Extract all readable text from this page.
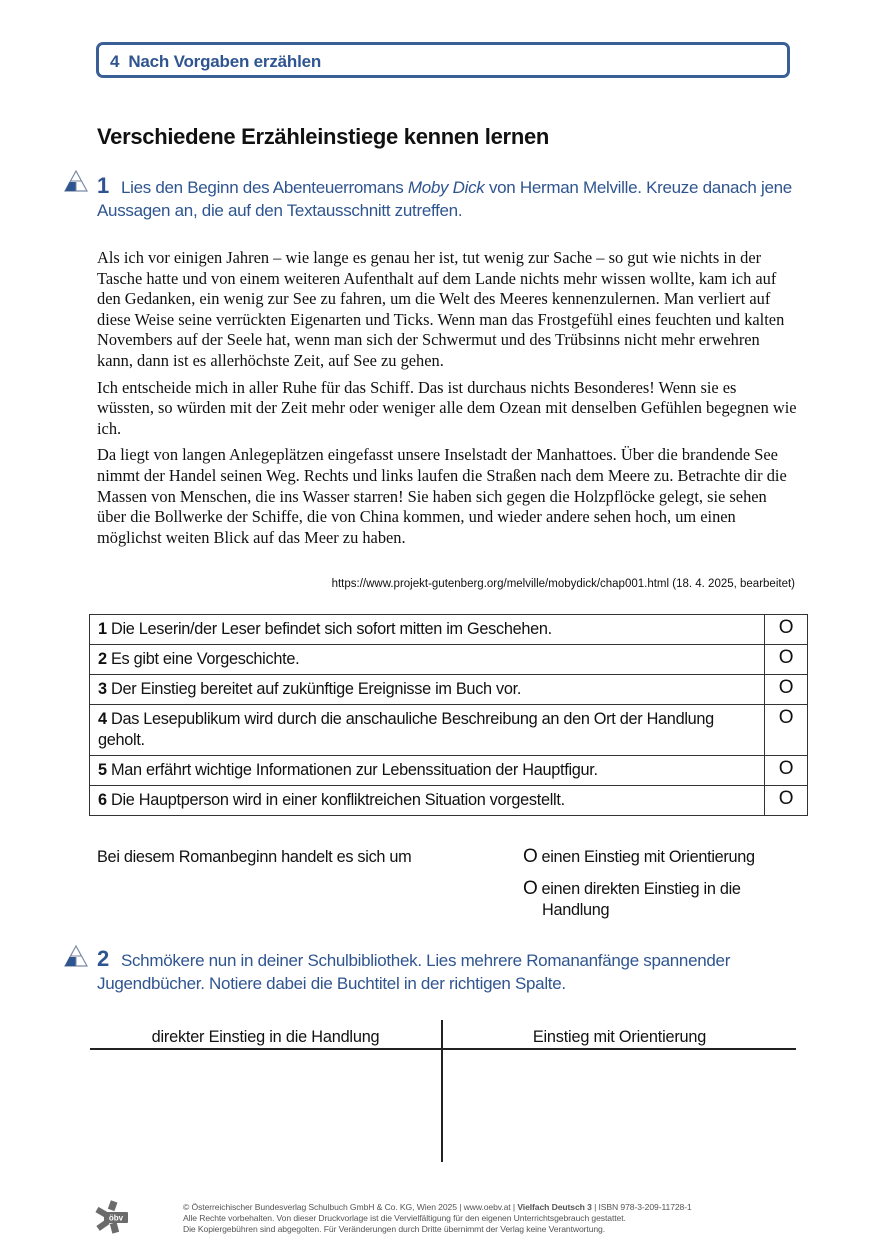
4 Nach Vorgaben erzählen
Verschiedene Erzähleinstiege kennen lernen
1 Lies den Beginn des Abenteuerromans Moby Dick von Herman Melville. Kreuze danach jene Aussagen an, die auf den Textausschnitt zutreffen.

Als ich vor einigen Jahren – wie lange es genau her ist, tut wenig zur Sache – so gut wie nichts in der Tasche hatte und von einem weiteren Aufenthalt auf dem Lande nichts mehr wissen wollte, kam ich auf den Gedanken, ein wenig zur See zu fahren, um die Welt des Meeres kennenzulernen. Man verliert auf diese Weise seine verrückten Eigenarten und Ticks. Wenn man das Frostgefühl eines feuchten und kalten Novembers auf der Seele hat, wenn man sich der Schwermut und des Trübsinns nicht mehr erwehren kann, dann ist es allerhöchste Zeit, auf See zu gehen.

Ich entscheide mich in aller Ruhe für das Schiff. Das ist durchaus nichts Besonderes! Wenn sie es wüssten, so würden mit der Zeit mehr oder weniger alle dem Ozean mit denselben Gefühlen begegnen wie ich.

Da liegt von langen Anlegeplätzen eingefasst unsere Inselstadt der Manhattoes. Über die brandende See nimmt der Handel seinen Weg. Rechts und links laufen die Straßen nach dem Meere zu. Betrachte dir die Massen von Menschen, die ins Wasser starren! Sie haben sich gegen die Holzpflöcke gelegt, sie sehen über die Bollwerke der Schiffe, die von China kommen, und wieder andere sehen hoch, um einen möglichst weiten Blick auf das Meer zu haben.

https://www.projekt-gutenberg.org/melville/mobydick/chap001.html (18. 4. 2025, bearbeitet)
1 Die Leserin/der Leser befindet sich sofort mitten im Geschehen.	O
2 Es gibt eine Vorgeschichte.	O
3 Der Einstieg bereitet auf zukünftige Ereignisse im Buch vor.	O
4 Das Lesepublikum wird durch die anschauliche Beschreibung an den Ort der Handlung geholt.	O
5 Man erfährt wichtige Informationen zur Lebenssituation der Hauptfigur.	O
6 Die Hauptperson wird in einer konfliktreichen Situation vorgestellt.	O
Bei diesem Romanbeginn handelt es sich um	O einen Einstieg mit Orientierung
O einen direkten Einstieg in die Handlung
2 Schmökere nun in deiner Schulbibliothek. Lies mehrere Romananfänge spannender Jugendbücher. Notiere dabei die Buchtitel in der richtigen Spalte.
direkter Einstieg in die Handlung	Einstieg mit Orientierung
öbv
© Österreichischer Bundesverlag Schulbuch GmbH & Co. KG, Wien 2025 | www.oebv.at | Vielfach Deutsch 3 | ISBN 978-3-209-11728-1
Alle Rechte vorbehalten. Von dieser Druckvorlage ist die Vervielfältigung für den eigenen Unterrichtsgebrauch gestattet.
Die Kopiergebühren sind abgegolten. Für Veränderungen durch Dritte übernimmt der Verlag keine Verantwortung.
